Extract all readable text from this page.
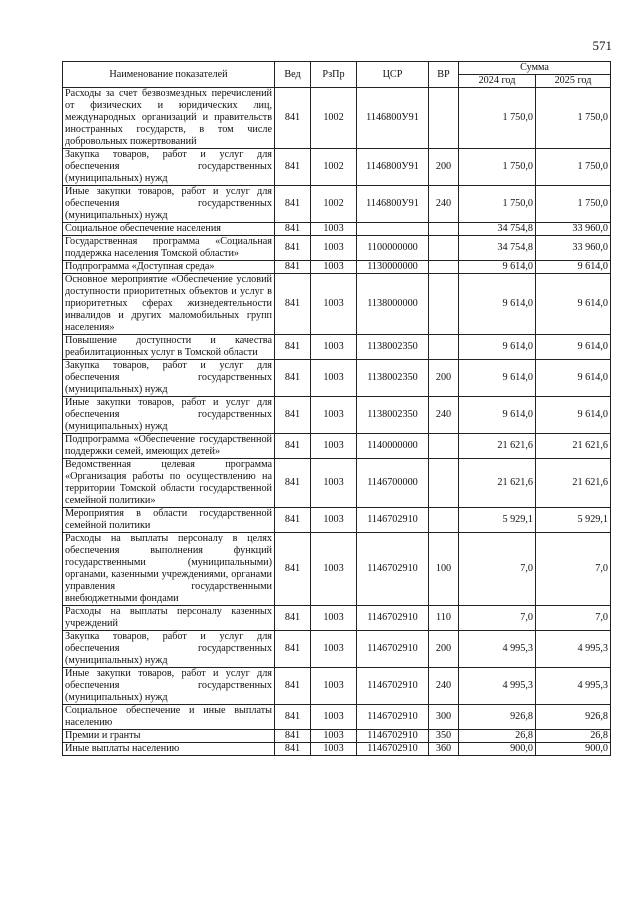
571
Наименование показателей	Вед	РзПр	ЦСР	ВР	Сумма	
					2024 год	2025 год
Расходы за счет безвозмездных перечислений от физических и юридических лиц, международных организаций и правительств иностранных государств, в том числе добровольных пожертвований	841	1002	1146800У91		1 750,0	1 750,0
Закупка товаров, работ и услуг для обеспечения государственных (муниципальных) нужд	841	1002	1146800У91	200	1 750,0	1 750,0
Иные закупки товаров, работ и услуг для обеспечения государственных (муниципальных) нужд	841	1002	1146800У91	240	1 750,0	1 750,0
Социальное обеспечение населения	841	1003			34 754,8	33 960,0
Государственная программа «Социальная поддержка населения Томской области»	841	1003	1100000000		34 754,8	33 960,0
Подпрограмма «Доступная среда»	841	1003	1130000000		9 614,0	9 614,0
Основное мероприятие «Обеспечение условий доступности приоритетных объектов и услуг в приоритетных сферах жизнедеятельности инвалидов и других маломобильных групп населения»	841	1003	1138000000		9 614,0	9 614,0
Повышение доступности и качества реабилитационных услуг в Томской области	841	1003	1138002350		9 614,0	9 614,0
Закупка товаров, работ и услуг для обеспечения государственных (муниципальных) нужд	841	1003	1138002350	200	9 614,0	9 614,0
Иные закупки товаров, работ и услуг для обеспечения государственных (муниципальных) нужд	841	1003	1138002350	240	9 614,0	9 614,0
Подпрограмма «Обеспечение государственной поддержки семей, имеющих детей»	841	1003	1140000000		21 621,6	21 621,6
Ведомственная целевая программа «Организация работы по осуществлению на территории Томской области государственной семейной политики»	841	1003	1146700000		21 621,6	21 621,6
Мероприятия в области государственной семейной политики	841	1003	1146702910		5 929,1	5 929,1
Расходы на выплаты персоналу в целях обеспечения выполнения функций государственными (муниципальными) органами, казенными учреждениями, органами управления государственными внебюджетными фондами	841	1003	1146702910	100	7,0	7,0
Расходы на выплаты персоналу казенных учреждений	841	1003	1146702910	110	7,0	7,0
Закупка товаров, работ и услуг для обеспечения государственных (муниципальных) нужд	841	1003	1146702910	200	4 995,3	4 995,3
Иные закупки товаров, работ и услуг для обеспечения государственных (муниципальных) нужд	841	1003	1146702910	240	4 995,3	4 995,3
Социальное обеспечение и иные выплаты населению	841	1003	1146702910	300	926,8	926,8
Премии и гранты	841	1003	1146702910	350	26,8	26,8
Иные выплаты населению	841	1003	1146702910	360	900,0	900,0
